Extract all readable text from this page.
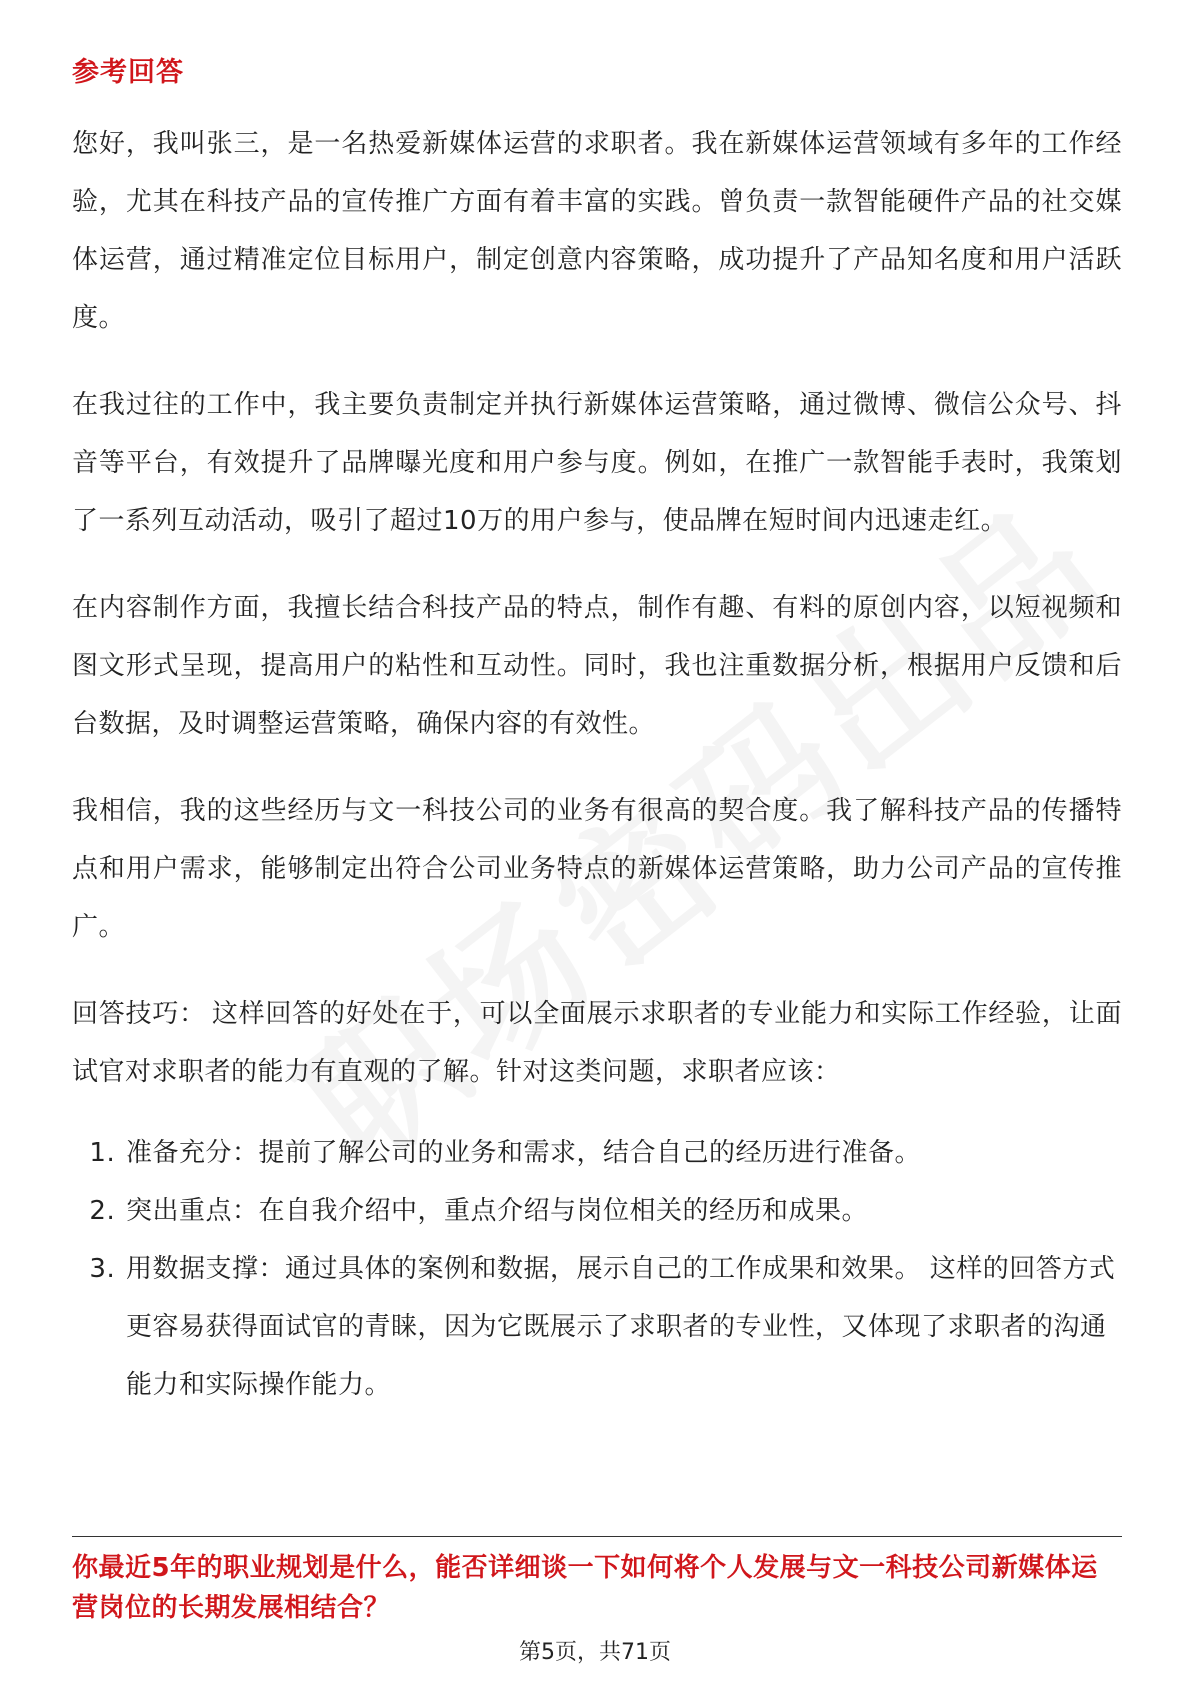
参考回答

您好，我叫张三，是一名热爱新媒体运营的求职者。我在新媒体运营领域有多年的工作经验，尤其在科技产品的宣传推广方面有着丰富的实践。曾负责一款智能硬件产品的社交媒体运营，通过精准定位目标用户，制定创意内容策略，成功提升了产品知名度和用户活跃度。

在我过往的工作中，我主要负责制定并执行新媒体运营策略，通过微博、微信公众号、抖音等平台，有效提升了品牌曝光度和用户参与度。例如，在推广一款智能手表时，我策划了一系列互动活动，吸引了超过10万的用户参与，使品牌在短时间内迅速走红。

在内容制作方面，我擅长结合科技产品的特点，制作有趣、有料的原创内容，以短视频和图文形式呈现，提高用户的粘性和互动性。同时，我也注重数据分析，根据用户反馈和后台数据，及时调整运营策略，确保内容的有效性。

我相信，我的这些经历与文一科技公司的业务有很高的契合度。我了解科技产品的传播特点和用户需求，能够制定出符合公司业务特点的新媒体运营策略，助力公司产品的宣传推广。

回答技巧： 这样回答的好处在于，可以全面展示求职者的专业能力和实际工作经验，让面试官对求职者的能力有直观的了解。针对这类问题，求职者应该：

1. 准备充分：提前了解公司的业务和需求，结合自己的经历进行准备。
2. 突出重点：在自我介绍中，重点介绍与岗位相关的经历和成果。
3. 用数据支撑：通过具体的案例和数据，展示自己的工作成果和效果。 这样的回答方式更容易获得面试官的青睐，因为它既展示了求职者的专业性，又体现了求职者的沟通能力和实际操作能力。

你最近5年的职业规划是什么，能否详细谈一下如何将个人发展与文一科技公司新媒体运营岗位的长期发展相结合？

第5页，共71页
